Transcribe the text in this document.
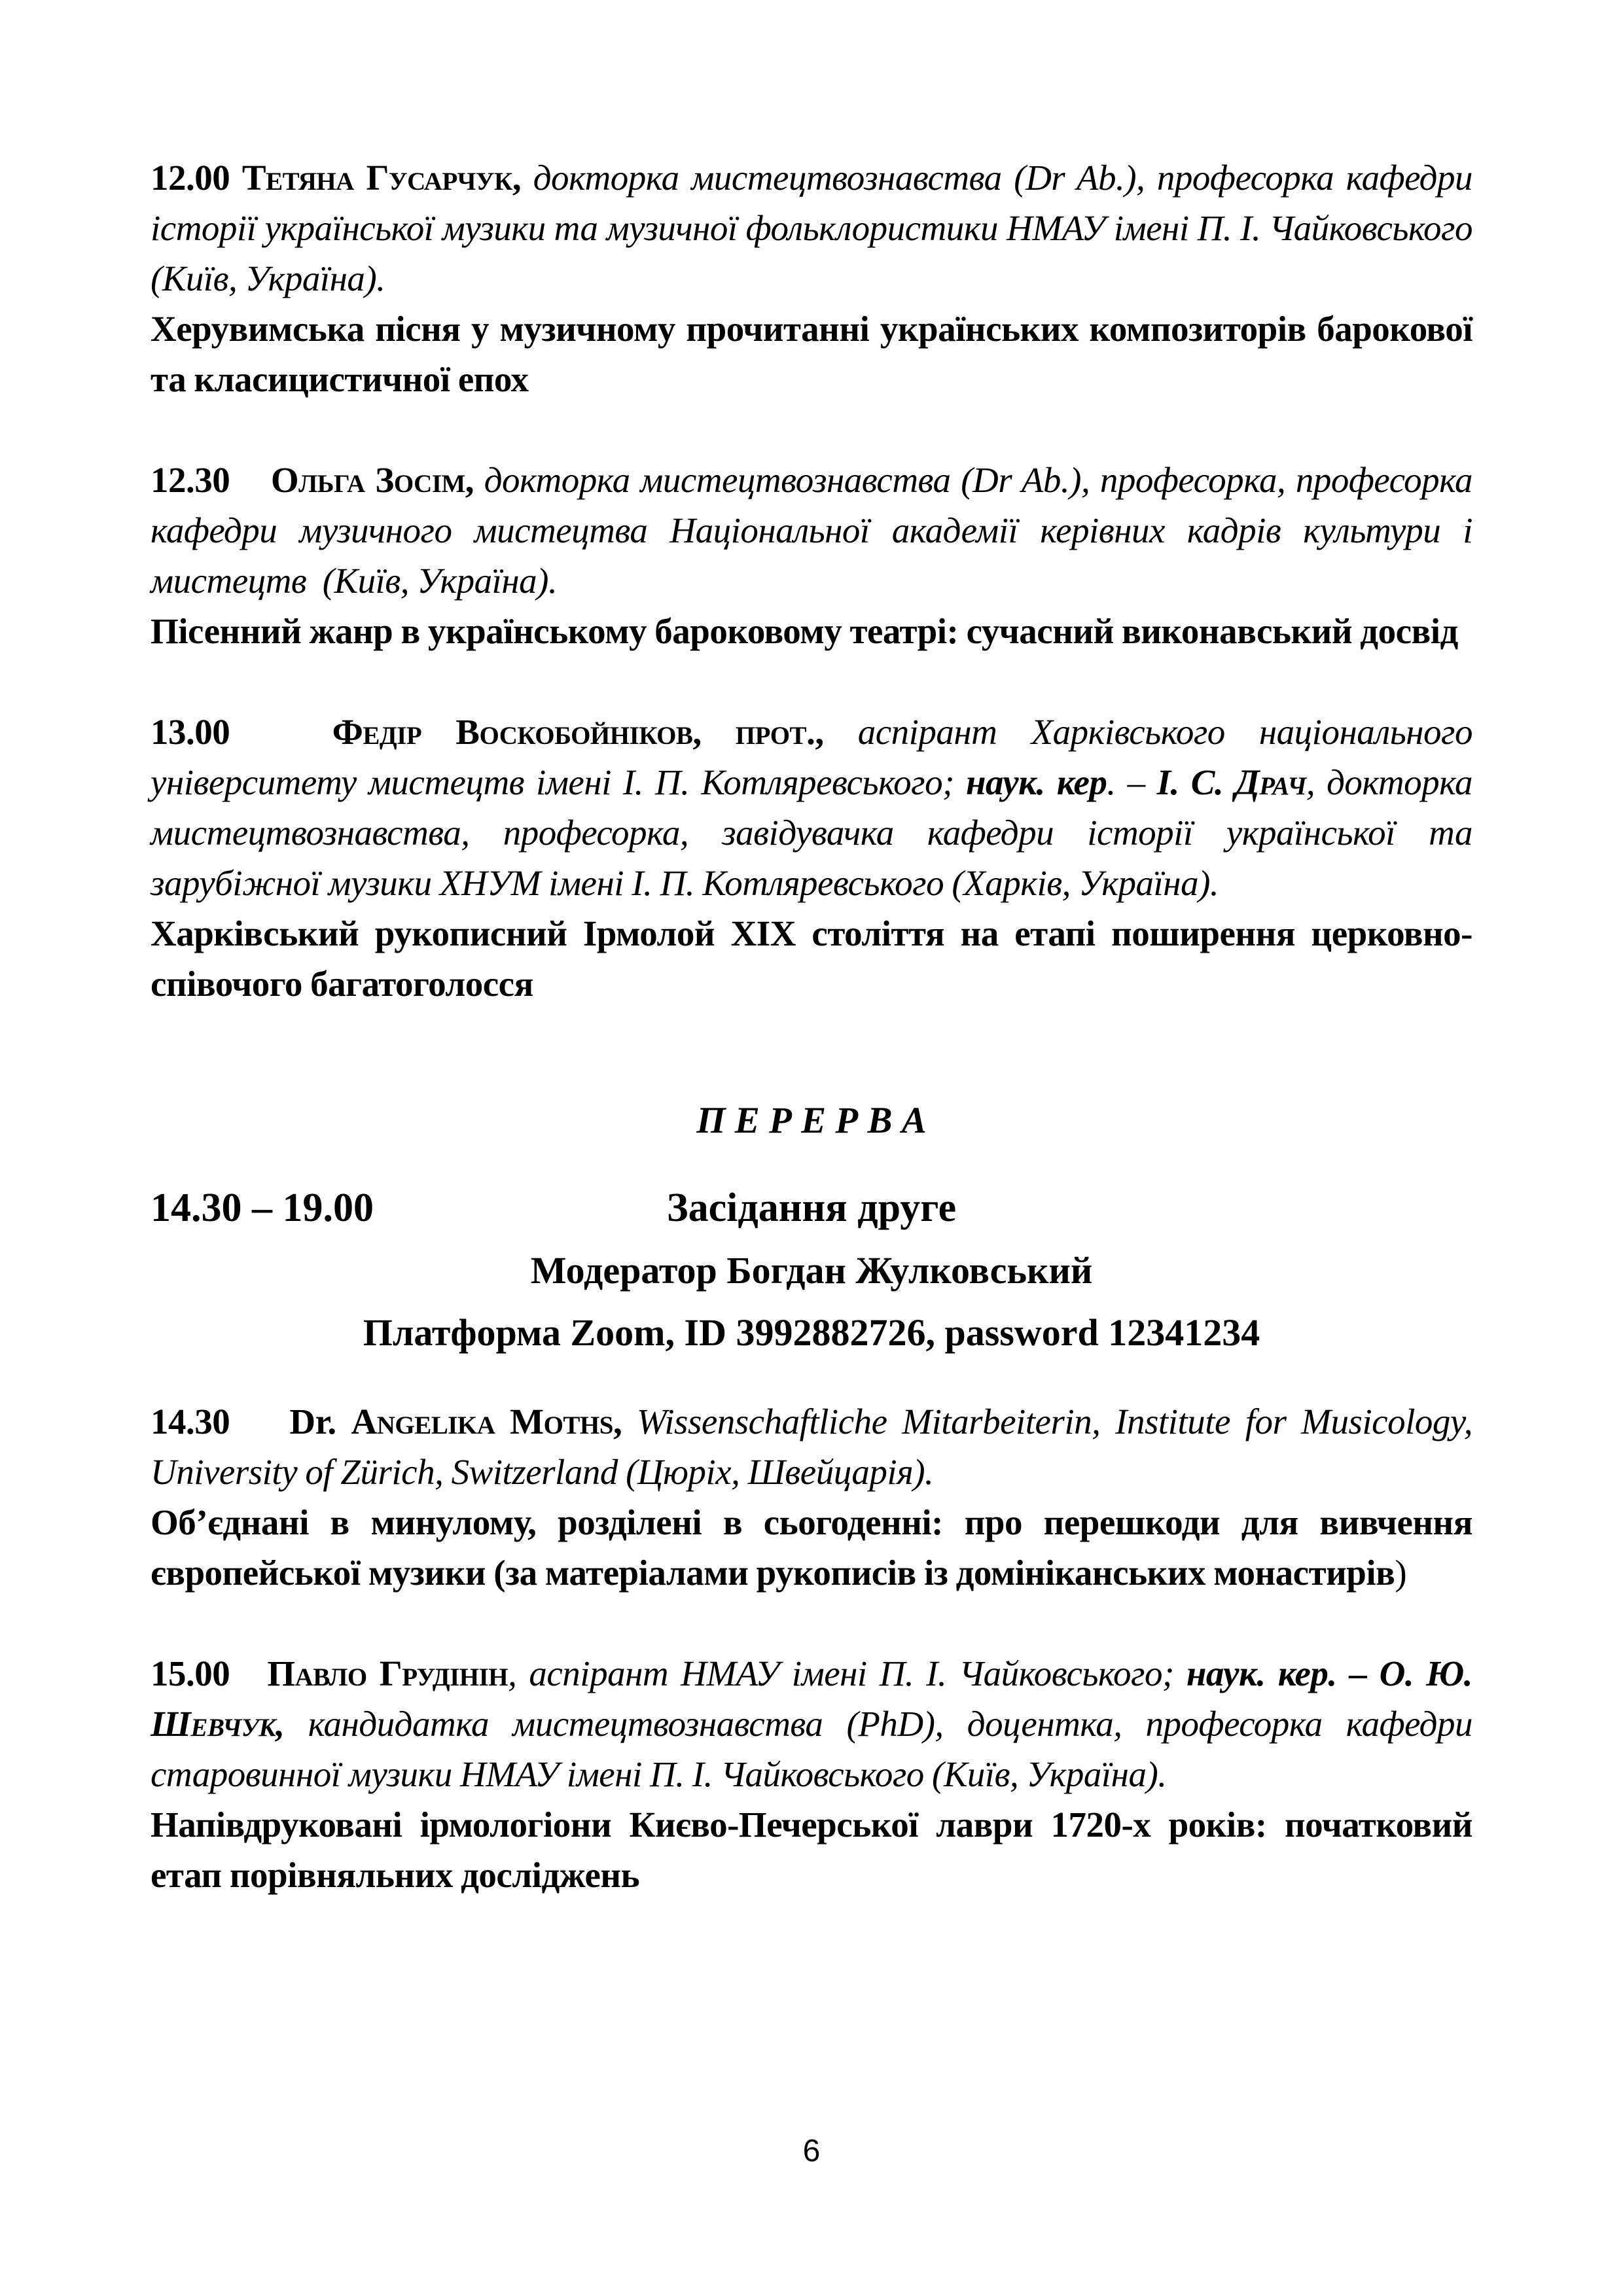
12.00 Тетяна Гусарчук, докторка мистецтвознавства (Dr Ab.), професорка кафедри історії української музики та музичної фольклористики НМАУ імені П. І. Чайковського (Київ, Україна).

Херувимська пісня у музичному прочитанні українських композиторів барокової та класицистичної епох

12.30    Ольга Зосім, докторка мистецтвознавства (Dr Ab.), професорка, професорка кафедри музичного мистецтва Національної академії керівних кадрів культури і мистецтв  (Київ, Україна).

Пісенний жанр в українському бароковому театрі: сучасний виконавський досвід

13.00   Федір Воскобойніков, прот., аспірант Харківського національного університету мистецтв імені І. П. Котляревського; наук. кер. – І. С. Драч, докторка мистецтвознавства, професорка, завідувачка кафедри історії української та зарубіжної музики ХНУМ імені І. П. Котляревського (Харків, Україна).

Харківський рукописний Ірмолой ХІХ століття на етапі поширення церковно-співочого багатоголосся

П Е Р Е Р В А

14.30 – 19.00	Засідання друге
Модератор Богдан Жулковський
Платформа Zoom, ID 3992882726, password 12341234

14.30    Dr. Angelika Moths, Wissenschaftliche Mitarbeiterin, Institute for Musicology, University of Zürich, Switzerland (Цюріх, Швейцарія).

Об’єднані в минулому, розділені в сьогоденні: про перешкоди для вивчення європейської музики (за матеріалами рукописів із домініканських монастирів)

15.00   Павло Грудінін, аспірант НМАУ імені П. І. Чайковського; наук. кер. – О. Ю. Шевчук, кандидатка мистецтвознавства (PhD), доцентка, професорка кафедри старовинної музики НМАУ імені П. І. Чайковського (Київ, Україна).

Напівдруковані ірмологіони Києво-Печерської лаври 1720-х років: початковий етап порівняльних досліджень

6
